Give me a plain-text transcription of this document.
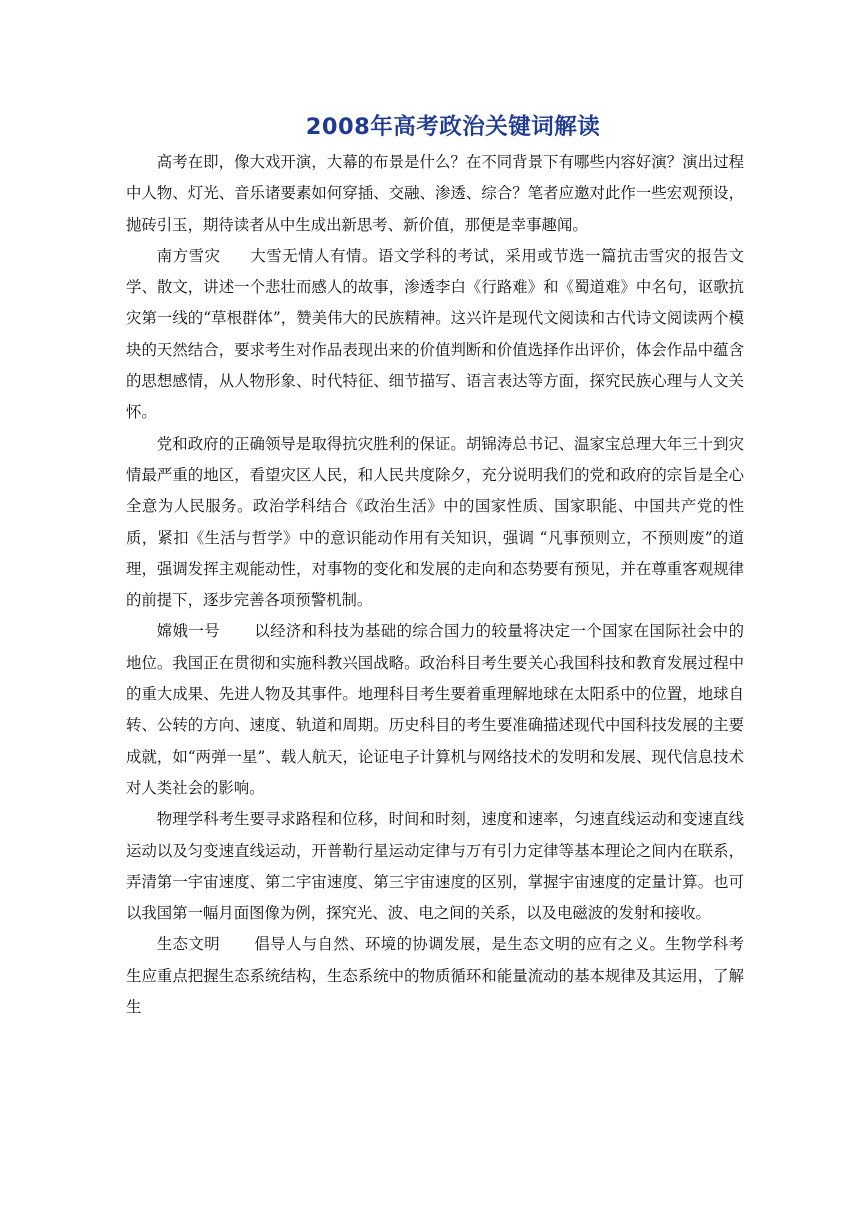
2008年高考政治关键词解读

高考在即，像大戏开演，大幕的布景是什么？在不同背景下有哪些内容好演？演出过程中人物、灯光、音乐诸要素如何穿插、交融、渗透、综合？笔者应邀对此作一些宏观预设，抛砖引玉，期待读者从中生成出新思考、新价值，那便是幸事趣闻。

南方雪灾 大雪无情人有情。语文学科的考试，采用或节选一篇抗击雪灾的报告文学、散文，讲述一个悲壮而感人的故事，渗透李白《行路难》和《蜀道难》中名句，讴歌抗灾第一线的“草根群体”，赞美伟大的民族精神。这兴许是现代文阅读和古代诗文阅读两个模块的天然结合，要求考生对作品表现出来的价值判断和价值选择作出评价，体会作品中蕴含的思想感情，从人物形象、时代特征、细节描写、语言表达等方面，探究民族心理与人文关怀。

党和政府的正确领导是取得抗灾胜利的保证。胡锦涛总书记、温家宝总理大年三十到灾情最严重的地区，看望灾区人民，和人民共度除夕，充分说明我们的党和政府的宗旨是全心全意为人民服务。政治学科结合《政治生活》中的国家性质、国家职能、中国共产党的性质，紧扣《生活与哲学》中的意识能动作用有关知识，强调 “凡事预则立，不预则废”的道理，强调发挥主观能动性，对事物的变化和发展的走向和态势要有预见，并在尊重客观规律的前提下，逐步完善各项预警机制。

嫦娥一号 以经济和科技为基础的综合国力的较量将决定一个国家在国际社会中的地位。我国正在贯彻和实施科教兴国战略。政治科目考生要关心我国科技和教育发展过程中的重大成果、先进人物及其事件。地理科目考生要着重理解地球在太阳系中的位置，地球自转、公转的方向、速度、轨道和周期。历史科目的考生要准确描述现代中国科技发展的主要成就，如“两弹一星”、载人航天，论证电子计算机与网络技术的发明和发展、现代信息技术对人类社会的影响。

物理学科考生要寻求路程和位移，时间和时刻，速度和速率，匀速直线运动和变速直线运动以及匀变速直线运动，开普勒行星运动定律与万有引力定律等基本理论之间内在联系，弄清第一宇宙速度、第二宇宙速度、第三宇宙速度的区别，掌握宇宙速度的定量计算。也可以我国第一幅月面图像为例，探究光、波、电之间的关系，以及电磁波的发射和接收。

生态文明 倡导人与自然、环境的协调发展，是生态文明的应有之义。生物学科考生应重点把握生态系统结构，生态系统中的物质循环和能量流动的基本规律及其运用，了解生
